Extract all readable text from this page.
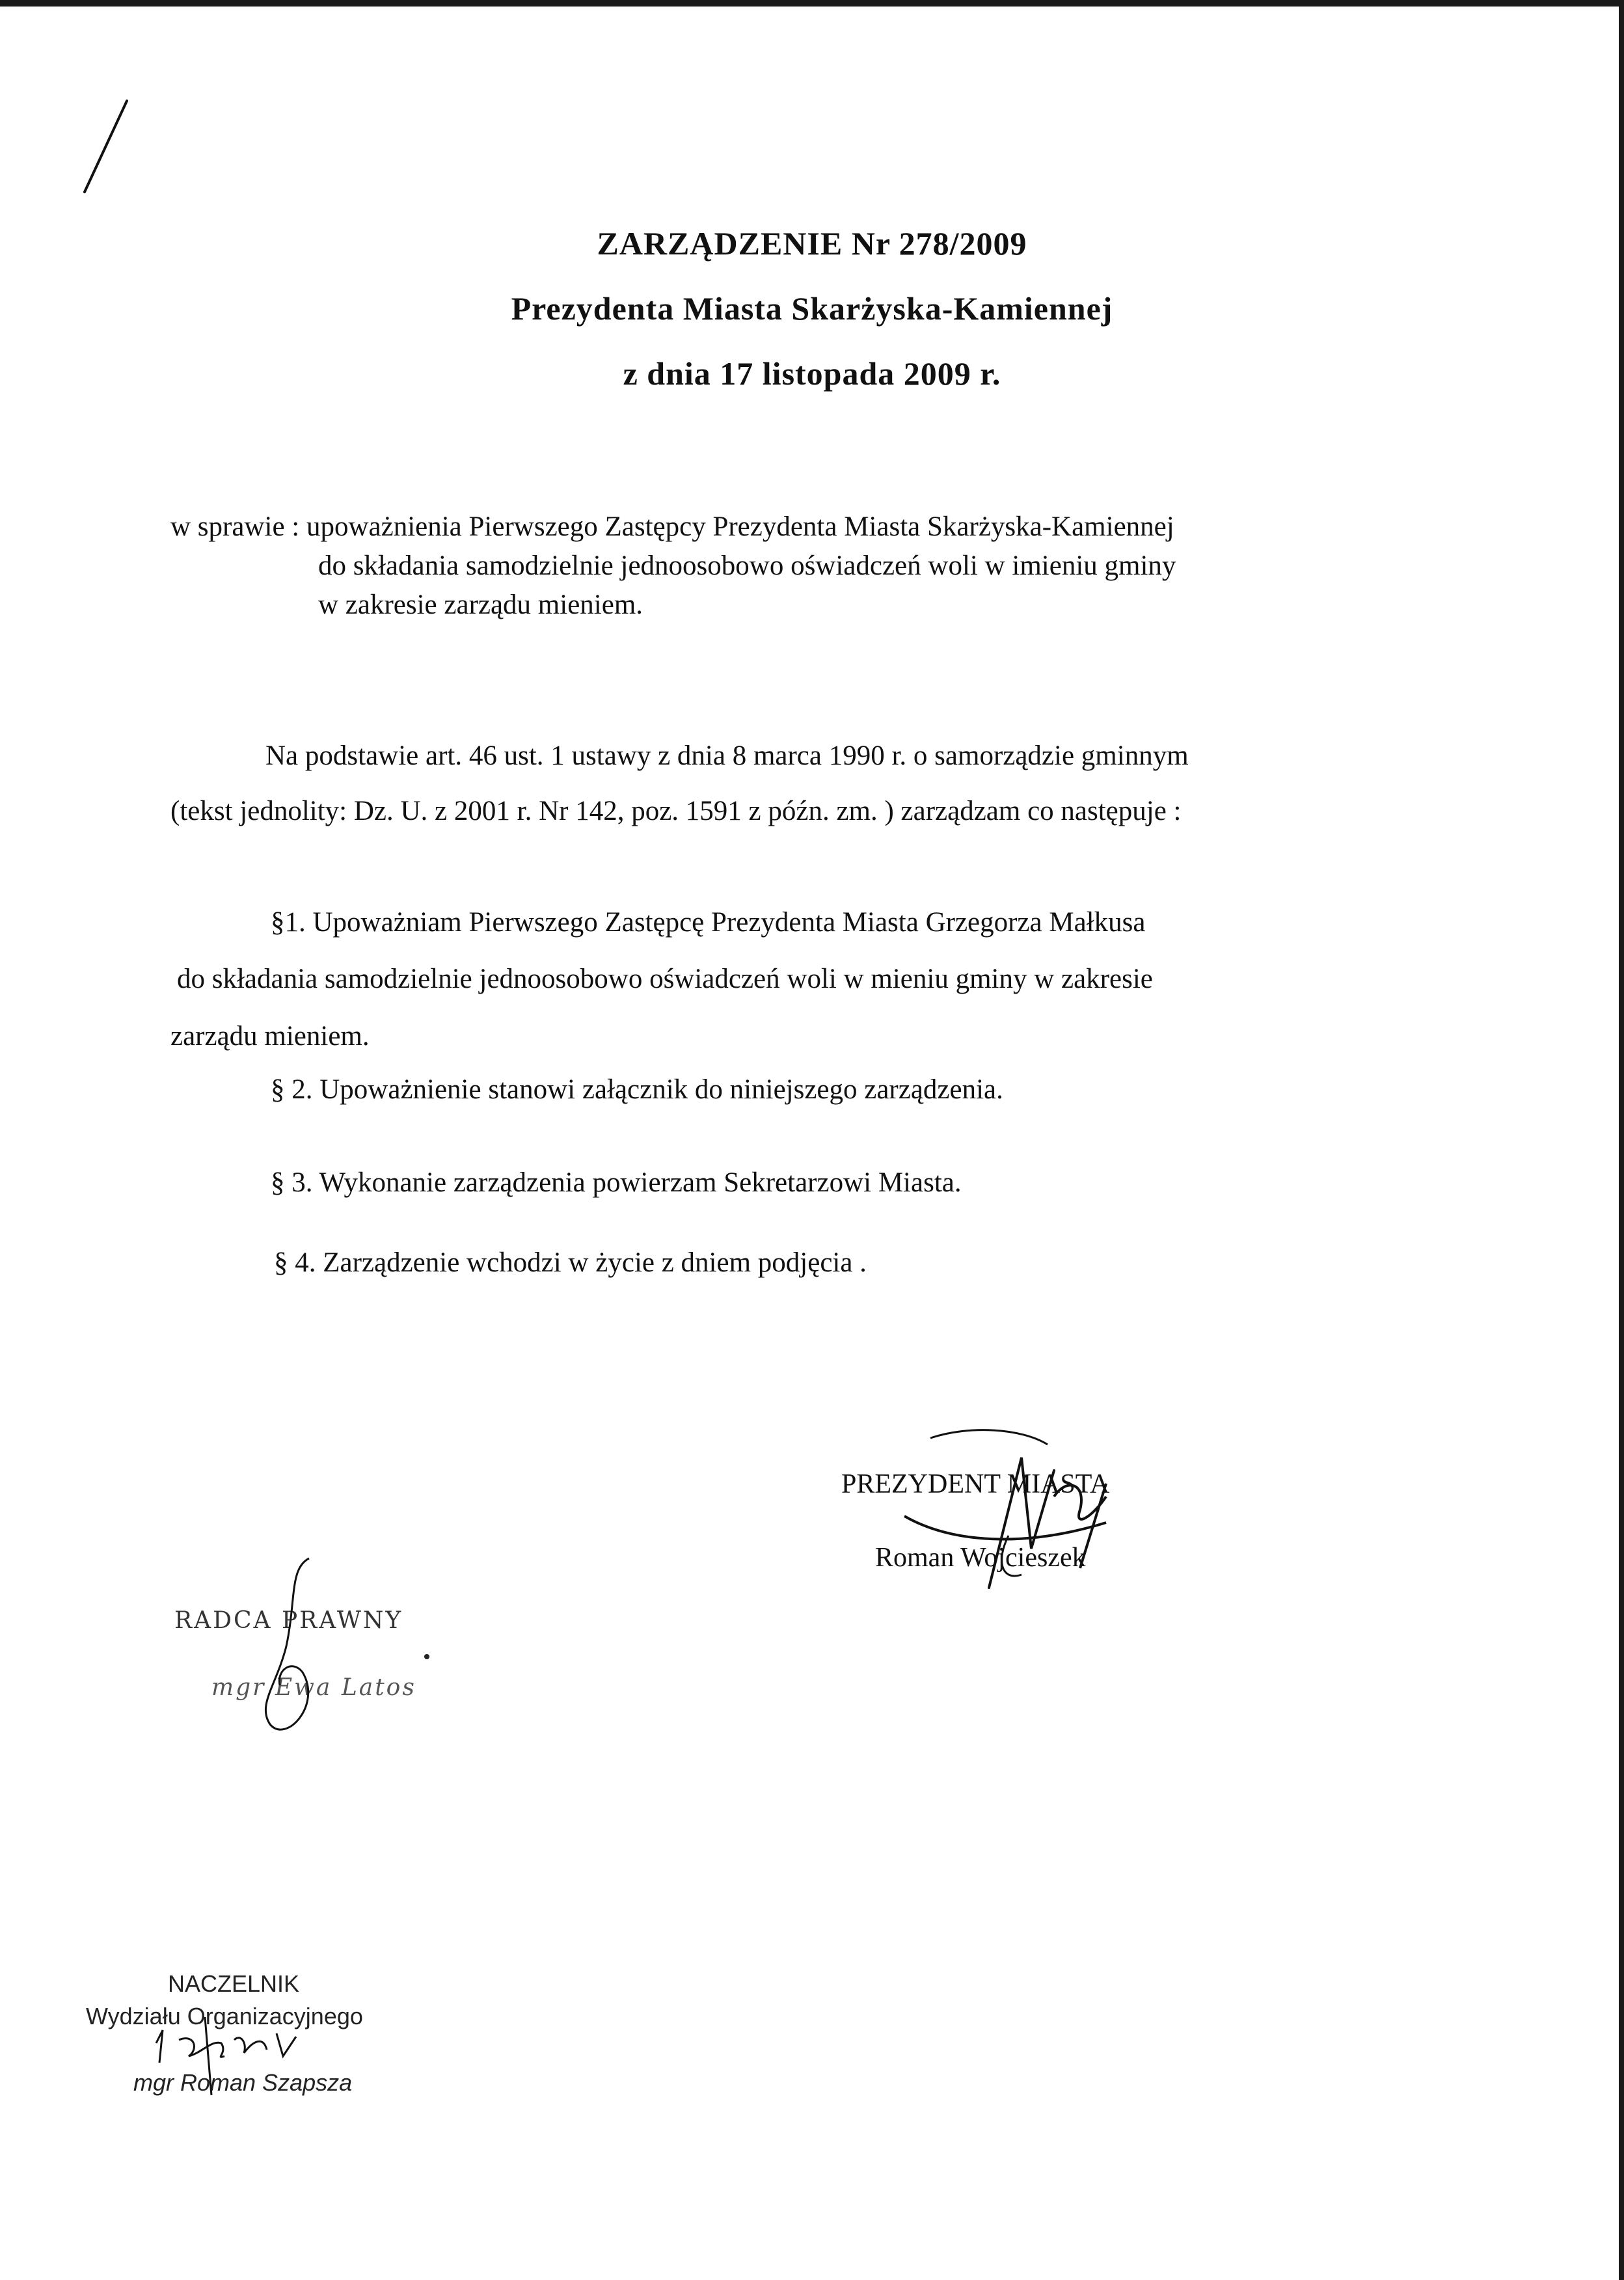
ZARZĄDZENIE Nr 278/2009
Prezydenta Miasta Skarżyska-Kamiennej
z dnia 17 listopada 2009 r.
w sprawie : upoważnienia Pierwszego Zastępcy Prezydenta Miasta Skarżyska-Kamiennej
do składania samodzielnie jednoosobowo oświadczeń woli w imieniu gminy
w zakresie zarządu mieniem.
Na podstawie art. 46 ust. 1 ustawy z dnia 8 marca 1990 r. o samorządzie gminnym
(tekst jednolity: Dz. U. z 2001 r. Nr 142, poz. 1591 z późn. zm. ) zarządzam co następuje :
§1. Upoważniam Pierwszego Zastępcę Prezydenta Miasta Grzegorza Małkusa
do składania samodzielnie jednoosobowo oświadczeń woli w mieniu gminy w zakresie
zarządu mieniem.
§ 2. Upoważnienie stanowi załącznik do niniejszego zarządzenia.
§ 3. Wykonanie zarządzenia powierzam Sekretarzowi Miasta.
§ 4. Zarządzenie wchodzi w życie z dniem podjęcia .
PREZYDENT MIASTA
Roman Wojcieszek
RADCA PRAWNY
mgr Ewa Latos
NACZELNIK
Wydziału Organizacyjnego
mgr Roman Szapsza
